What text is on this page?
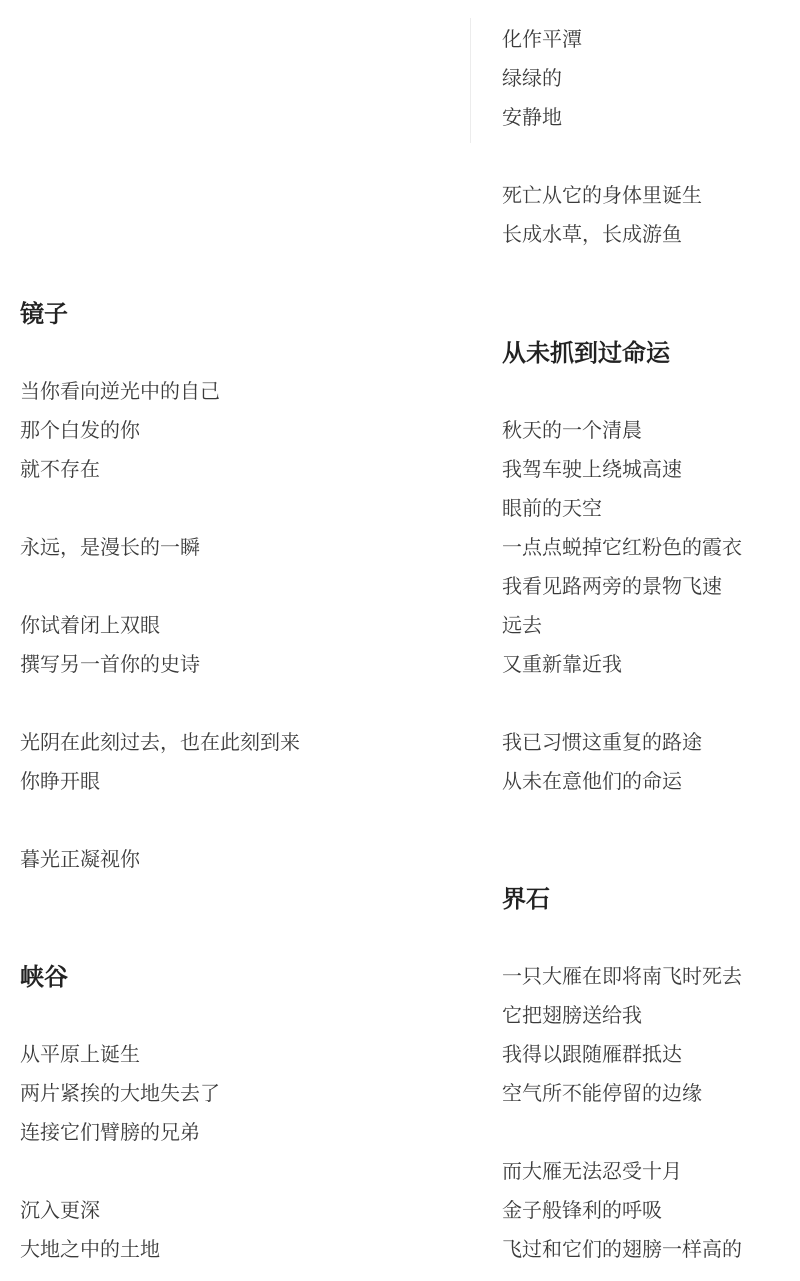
化作平潭
绿绿的
安静地
死亡从它的身体里诞生
长成水草，长成游鱼
从未抓到过命运
秋天的一个清晨
我驾车驶上绕城高速
眼前的天空
一点点蜕掉它红粉色的霞衣
我看见路两旁的景物飞速
远去
又重新靠近我
我已习惯这重复的路途
从未在意他们的命运
界石
一只大雁在即将南飞时死去
它把翅膀送给我
我得以跟随雁群抵达
空气所不能停留的边缘
而大雁无法忍受十月
金子般锋利的呼吸
飞过和它们的翅膀一样高的
镜子
当你看向逆光中的自己
那个白发的你
就不存在
永远，是漫长的一瞬
你试着闭上双眼
撰写另一首你的史诗
光阴在此刻过去，也在此刻到来
你睁开眼
暮光正凝视你
峡谷
从平原上诞生
两片紧挨的大地失去了
连接它们臂膀的兄弟
沉入更深
大地之中的土地
